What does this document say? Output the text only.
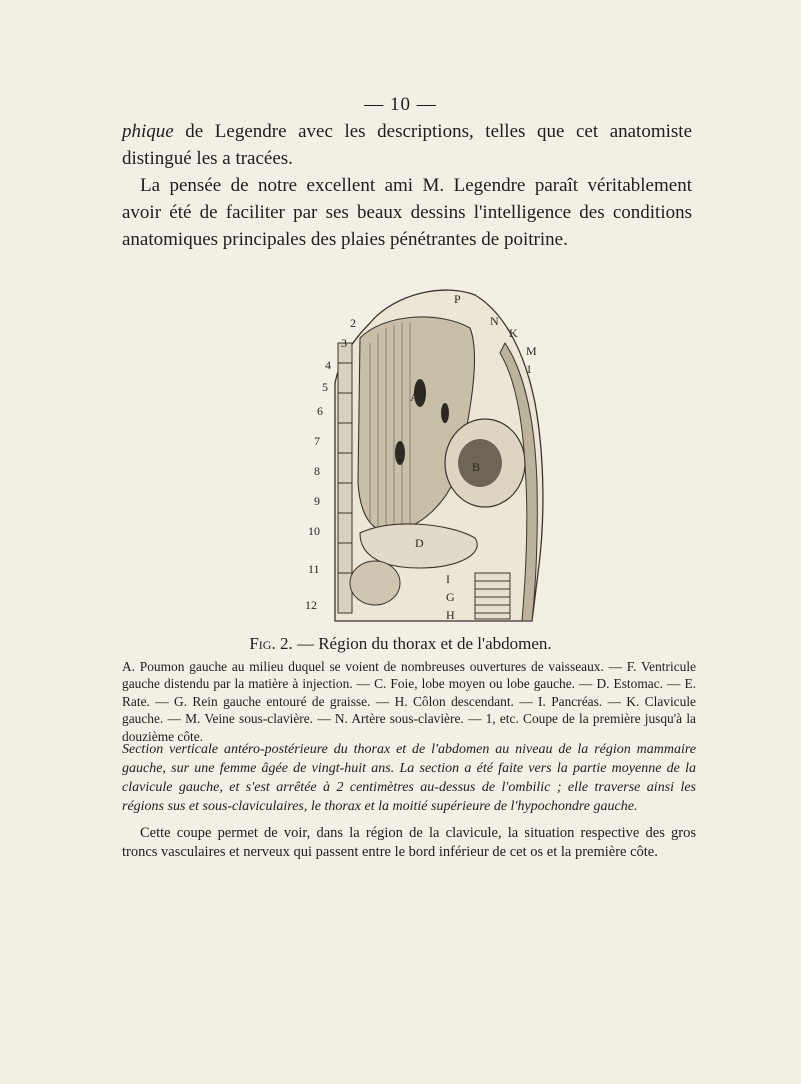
— 10 —

phique de Legendre avec les descriptions, telles que cet anatomiste distingué les a tracées.

La pensée de notre excellent ami M. Legendre paraît véritablement avoir été de faciliter par ses beaux dessins l'intelligence des conditions anatomiques principales des plaies pénétrantes de poitrine.

2
3
4
5
6
7
8
9
10
11
12
P
N
K
M
1
A
B
D
I
G
H
Fig. 2. — Région du thorax et de l'abdomen.

A. Poumon gauche au milieu duquel se voient de nombreuses ouvertures de vaisseaux. — F. Ventricule gauche distendu par la matière à injection. — C. Foie, lobe moyen ou lobe gauche. — D. Estomac. — E. Rate. — G. Rein gauche entouré de graisse. — H. Côlon descendant. — I. Pancréas. — K. Clavicule gauche. — M. Veine sous-clavière. — N. Artère sous-clavière. — 1, etc. Coupe de la première jusqu'à la douzième côte.

Section verticale antéro-postérieure du thorax et de l'abdomen au niveau de la région mammaire gauche, sur une femme âgée de vingt-huit ans. La section a été faite vers la partie moyenne de la clavicule gauche, et s'est arrêtée à 2 centimètres au-dessus de l'ombilic ; elle traverse ainsi les régions sus et sous-claviculaires, le thorax et la moitié supérieure de l'hypochondre gauche.

Cette coupe permet de voir, dans la région de la clavicule, la situation respective des gros troncs vasculaires et nerveux qui passent entre le bord inférieur de cet os et la première côte.
